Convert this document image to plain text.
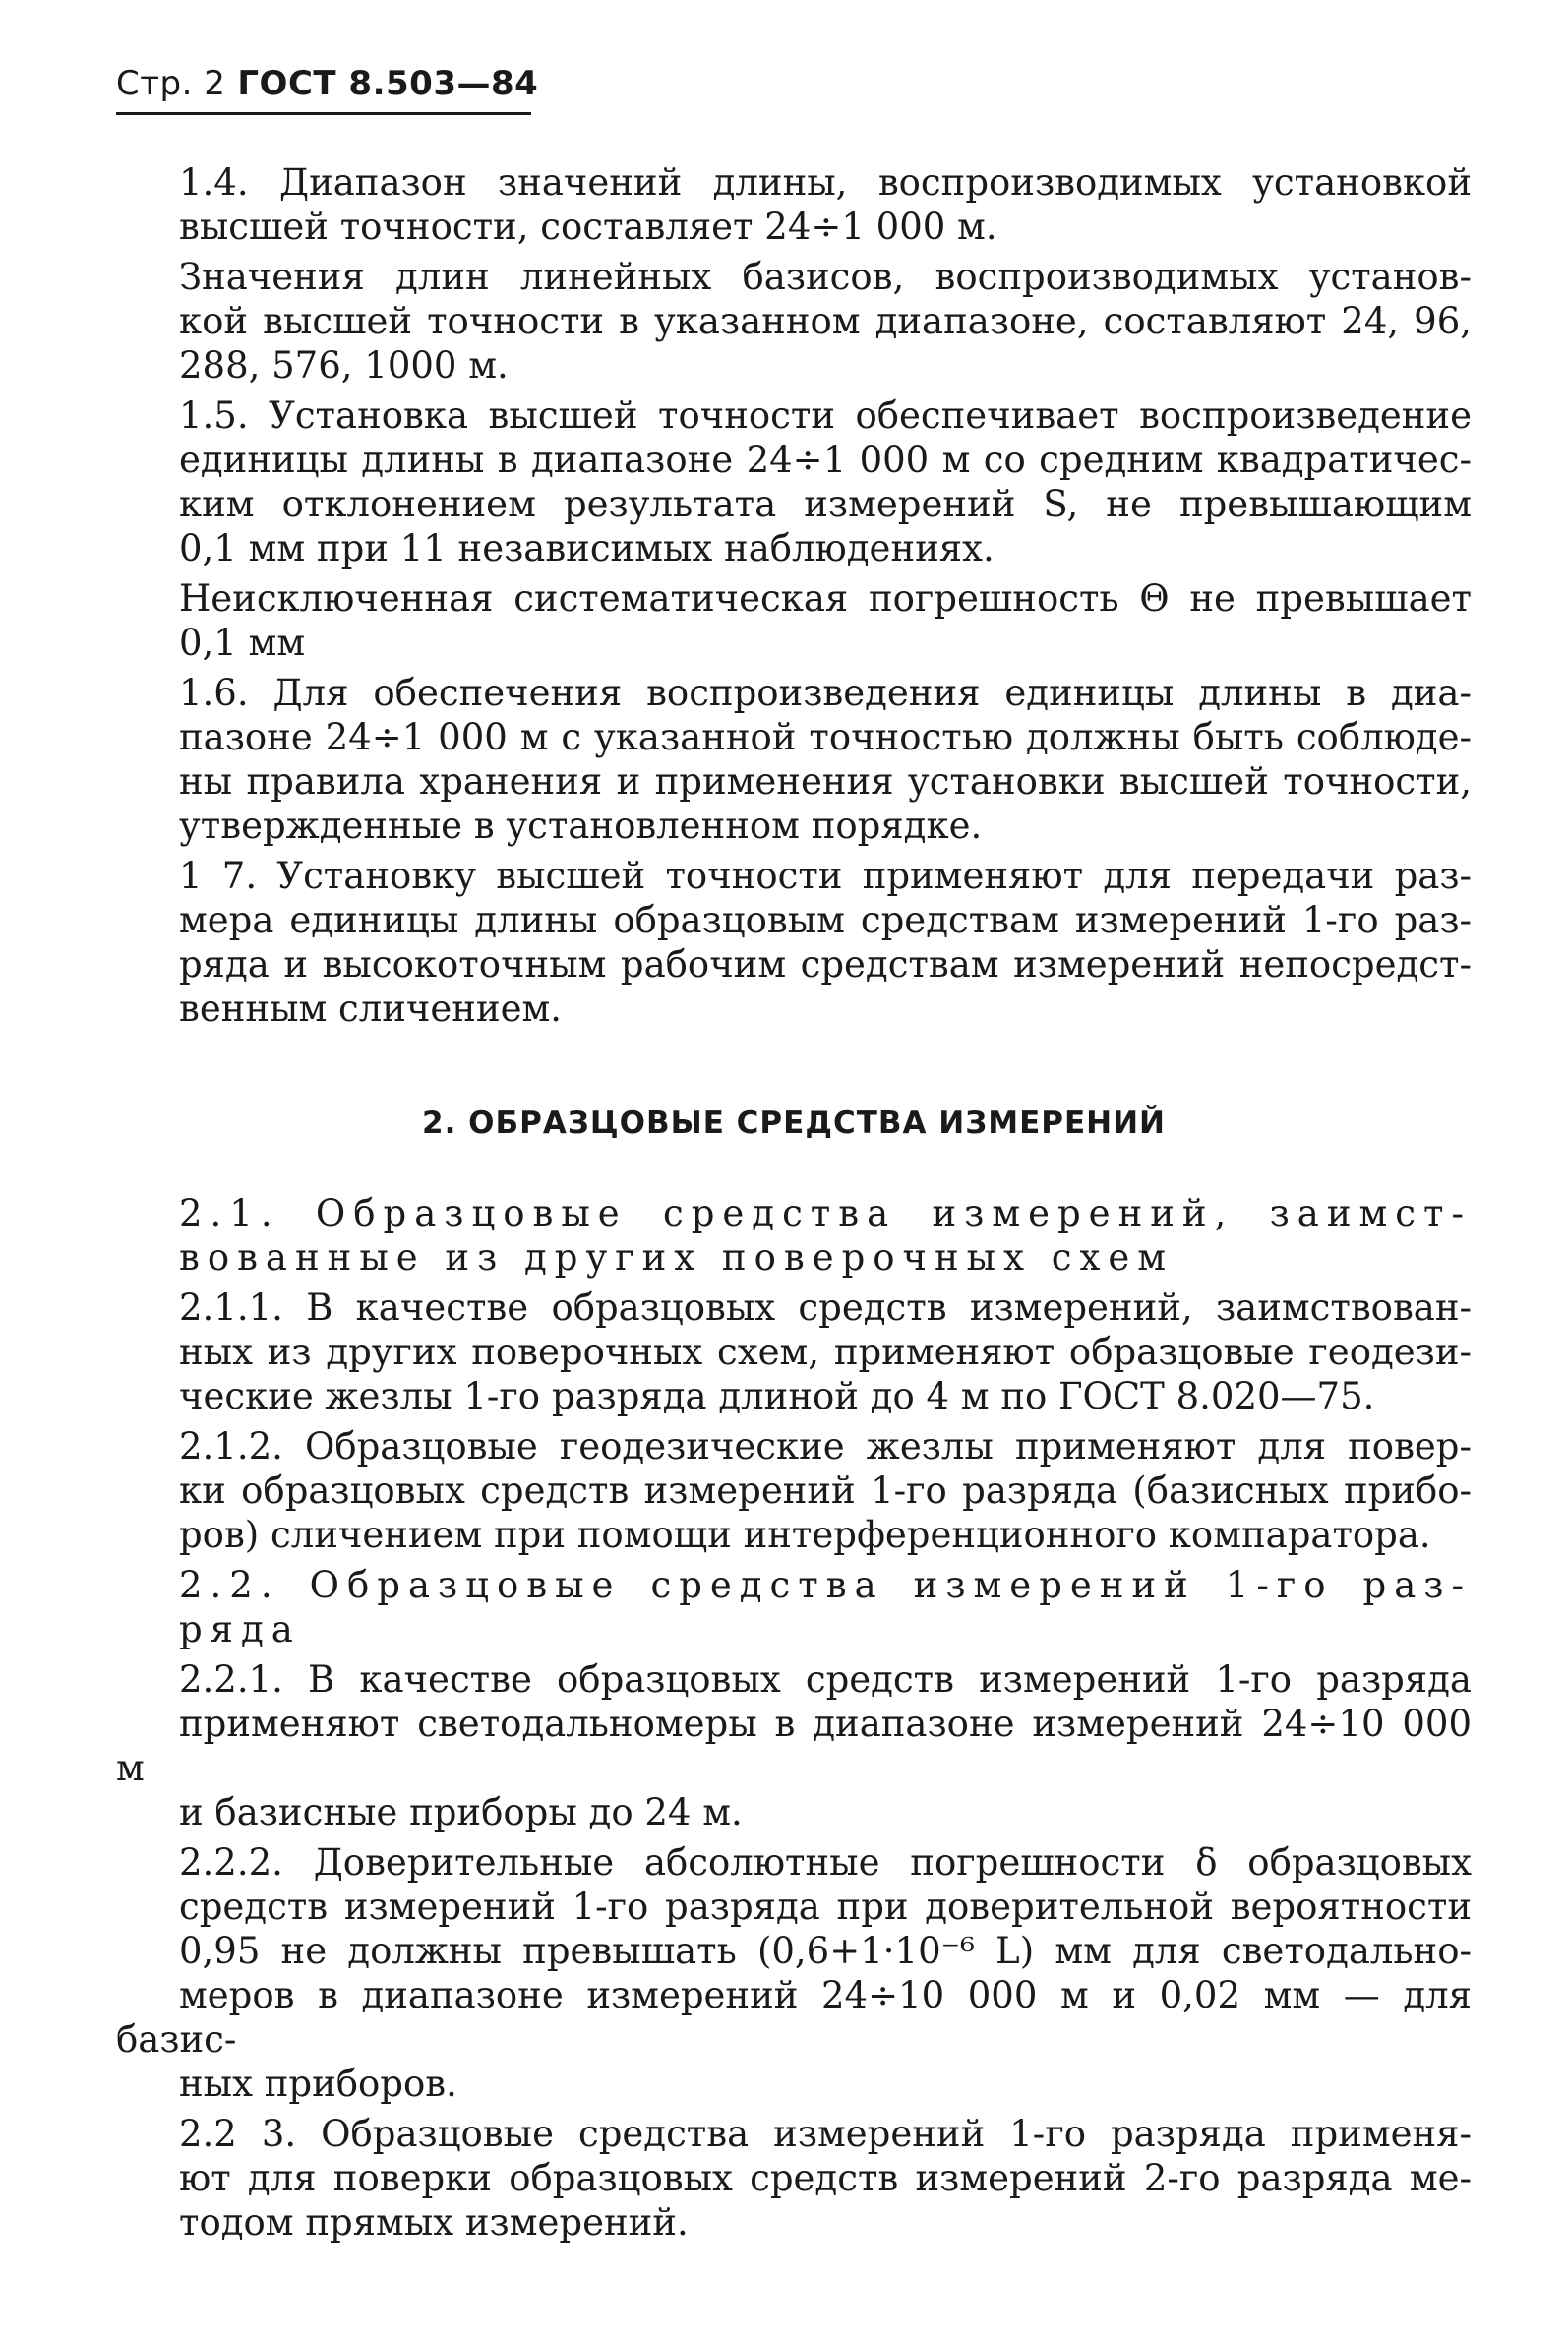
Стр. 2 ГОСТ 8.503—84
1.4. Диапазон значений длины, воспроизводимых установкой
высшей точности, составляет 24÷1 000 м.
Значения длин линейных базисов, воспроизводимых установ-
кой высшей точности в указанном диапазоне, составляют 24, 96,
288, 576, 1000 м.
1.5. Установка высшей точности обеспечивает воспроизведение
единицы длины в диапазоне 24÷1 000 м со средним квадратичес-
ким отклонением результата измерений S, не превышающим
0,1 мм при 11 независимых наблюдениях.
Неисключенная систематическая погрешность Θ не превышает
0,1 мм
1.6. Для обеспечения воспроизведения единицы длины в диа-
пазоне 24÷1 000 м с указанной точностью должны быть соблюде-
ны правила хранения и применения установки высшей точности,
утвержденные в установленном порядке.
1 7. Установку высшей точности применяют для передачи раз-
мера единицы длины образцовым средствам измерений 1-го раз-
ряда и высокоточным рабочим средствам измерений непосредст-
венным сличением.
2. ОБРАЗЦОВЫЕ СРЕДСТВА ИЗМЕРЕНИЙ
2.1. Образцовые средства измерений, заимст-
вованные из других поверочных схем
2.1.1. В качестве образцовых средств измерений, заимствован-
ных из других поверочных схем, применяют образцовые геодези-
ческие жезлы 1-го разряда длиной до 4 м по ГОСТ 8.020—75.
2.1.2. Образцовые геодезические жезлы применяют для повер-
ки образцовых средств измерений 1-го разряда (базисных прибо-
ров) сличением при помощи интерференционного компаратора.
2.2. Образцовые средства измерений 1-го раз-
ряда
2.2.1. В качестве образцовых средств измерений 1-го разряда
применяют светодальномеры в диапазоне измерений 24÷10 000 м
и базисные приборы до 24 м.
2.2.2. Доверительные абсолютные погрешности δ образцовых
средств измерений 1-го разряда при доверительной вероятности
0,95 не должны превышать (0,6+1·10⁻⁶ L) мм для светодально-
меров в диапазоне измерений 24÷10 000 м и 0,02 мм — для базис-
ных приборов.
2.2 3. Образцовые средства измерений 1-го разряда применя-
ют для поверки образцовых средств измерений 2-го разряда ме-
тодом прямых измерений.
